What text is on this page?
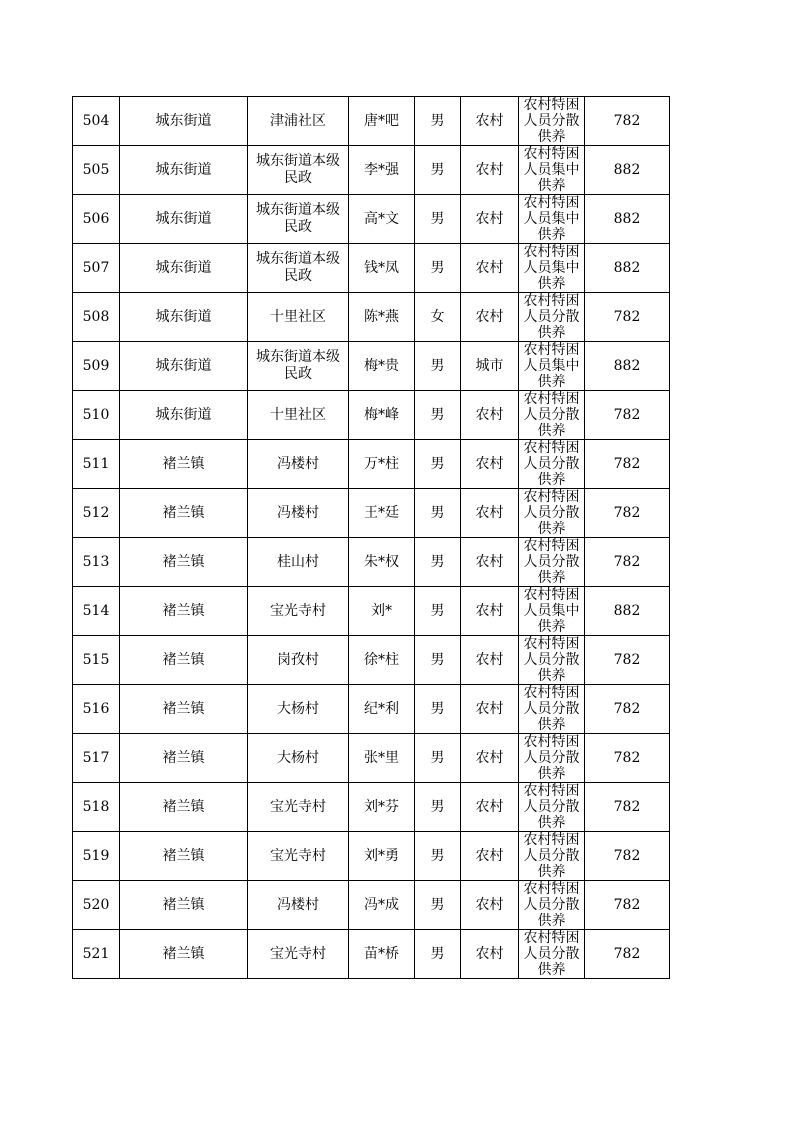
504	城东街道	津浦社区	唐*吧	男	农村	农村特困人员分散供养	782

505	城东街道	城东街道本级民政	李*强	男	农村	农村特困人员集中供养	882

506	城东街道	城东街道本级民政	高*文	男	农村	农村特困人员集中供养	882

507	城东街道	城东街道本级民政	钱*凤	男	农村	农村特困人员集中供养	882

508	城东街道	十里社区	陈*燕	女	农村	农村特困人员分散供养	782

509	城东街道	城东街道本级民政	梅*贵	男	城市	农村特困人员集中供养	882

510	城东街道	十里社区	梅*峰	男	农村	农村特困人员分散供养	782

511	褚兰镇	冯楼村	万*柱	男	农村	农村特困人员分散供养	782

512	褚兰镇	冯楼村	王*廷	男	农村	农村特困人员分散供养	782

513	褚兰镇	桂山村	朱*权	男	农村	农村特困人员分散供养	782

514	褚兰镇	宝光寺村	刘*	男	农村	农村特困人员集中供养	882

515	褚兰镇	岗孜村	徐*柱	男	农村	农村特困人员分散供养	782

516	褚兰镇	大杨村	纪*利	男	农村	农村特困人员分散供养	782

517	褚兰镇	大杨村	张*里	男	农村	农村特困人员分散供养	782

518	褚兰镇	宝光寺村	刘*芬	男	农村	农村特困人员分散供养	782

519	褚兰镇	宝光寺村	刘*勇	男	农村	农村特困人员分散供养	782

520	褚兰镇	冯楼村	冯*成	男	农村	农村特困人员分散供养	782

521	褚兰镇	宝光寺村	苗*桥	男	农村	农村特困人员分散供养	782
